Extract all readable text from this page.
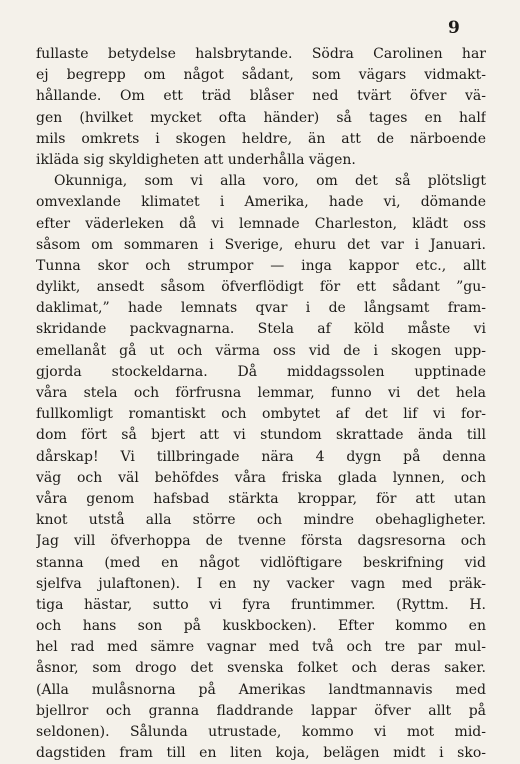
9
fullaste betydelse halsbrytande. Södra Carolinen har
ej begrepp om något sådant, som vägars vidmakt-
hållande. Om ett träd blåser ned tvärt öfver vä-
gen (hvilket mycket ofta händer) så tages en half
mils omkrets i skogen heldre, än att de närboende
ikläda sig skyldigheten att underhålla vägen.
Okunniga, som vi alla voro, om det så plötsligt
omvexlande klimatet i Amerika, hade vi, dömande
efter väderleken då vi lemnade Charleston, klädt oss
såsom om sommaren i Sverige, ehuru det var i Januari.
Tunna skor och strumpor — inga kappor etc., allt
dylikt, ansedt såsom öfverflödigt för ett sådant ”gu-
daklimat,” hade lemnats qvar i de långsamt fram-
skridande packvagnarna. Stela af köld måste vi
emellanåt gå ut och värma oss vid de i skogen upp-
gjorda stockeldarna. Då middagssolen upptinade
våra stela och förfrusna lemmar, funno vi det hela
fullkomligt romantiskt och ombytet af det lif vi for-
dom fört så bjert att vi stundom skrattade ända till
dårskap! Vi tillbringade nära 4 dygn på denna
väg och väl behöfdes våra friska glada lynnen, och
våra genom hafsbad stärkta kroppar, för att utan
knot utstå alla större och mindre obehagligheter.
Jag vill öfverhoppa de tvenne första dagsresorna och
stanna (med en något vidlöftigare beskrifning vid
sjelfva julaftonen). I en ny vacker vagn med präk-
tiga hästar, sutto vi fyra fruntimmer. (Ryttm. H.
och hans son på kuskbocken). Efter kommo en
hel rad med sämre vagnar med två och tre par mul-
åsnor, som drogo det svenska folket och deras saker.
(Alla mulåsnorna på Amerikas landtmannavis med
bjellror och granna fladdrande lappar öfver allt på
seldonen). Sålunda utrustade, kommo vi mot mid-
dagstiden fram till en liten koja, belägen midt i sko-
